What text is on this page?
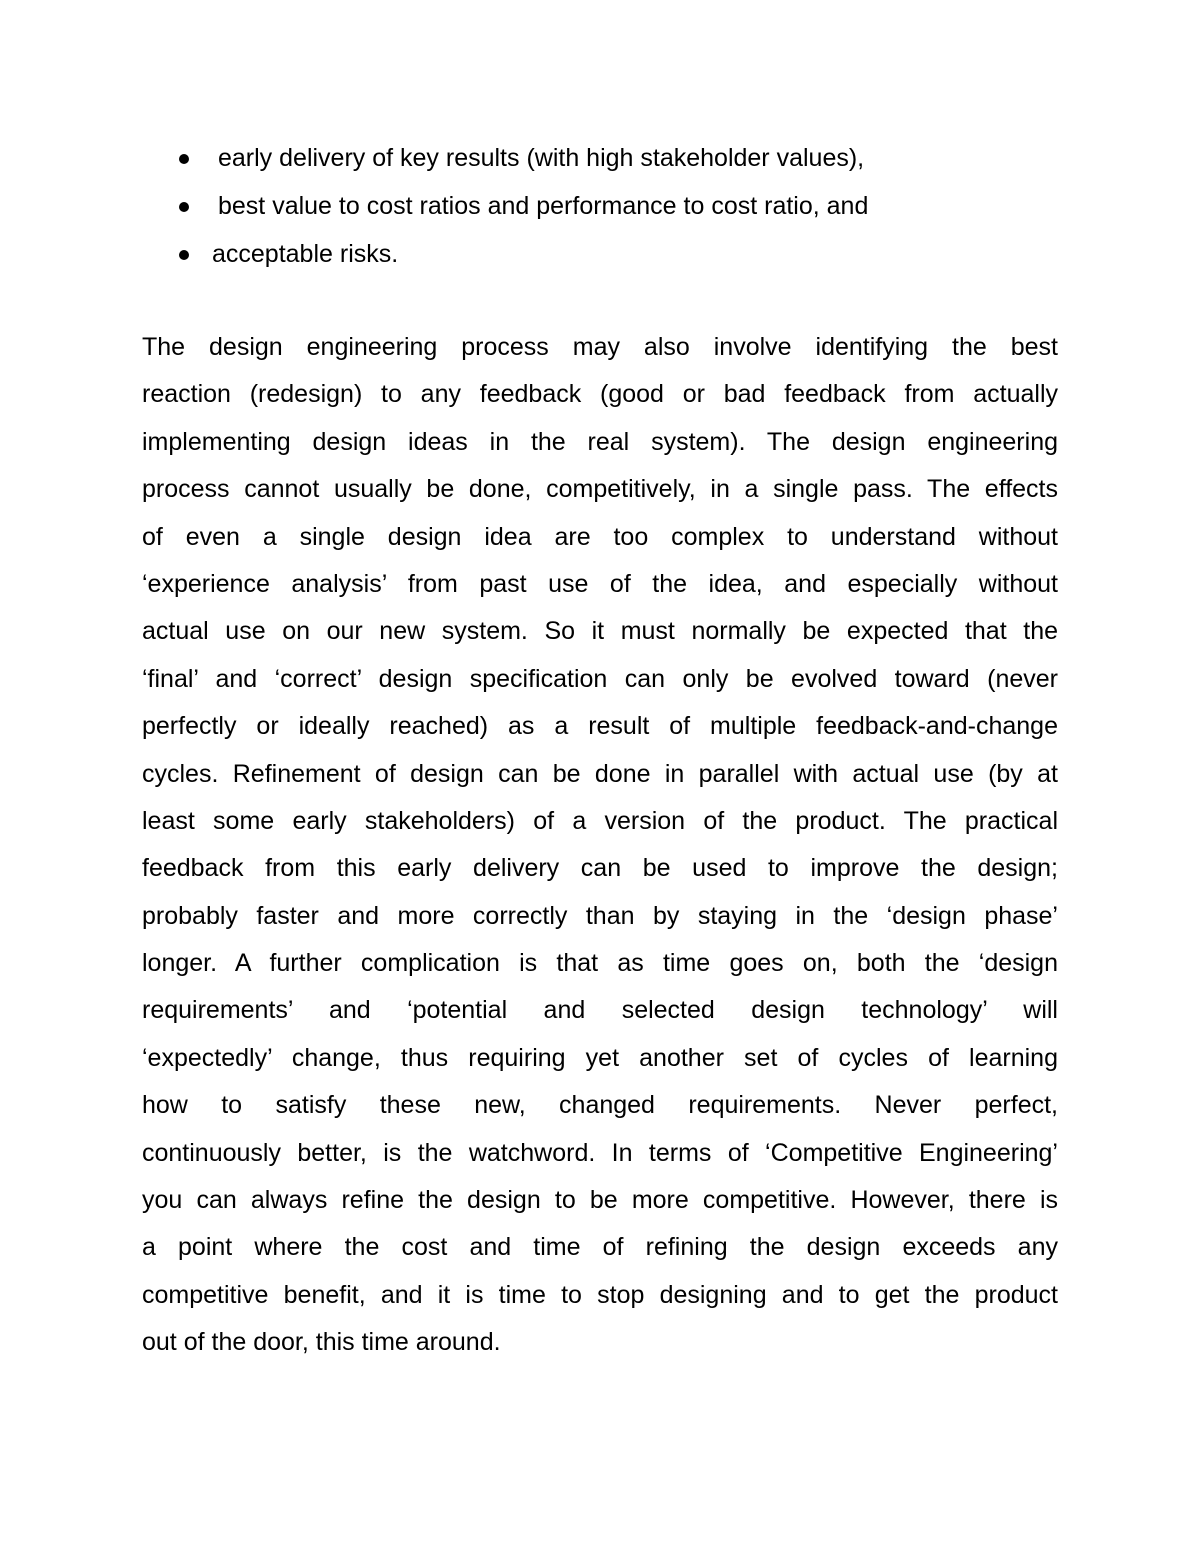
early delivery of key results (with high stakeholder values),
best value to cost ratios and performance to cost ratio, and
acceptable risks.
The design engineering process may also involve identifying the best
reaction (redesign) to any feedback (good or bad feedback from actually
implementing design ideas in the real system). The design engineering
process cannot usually be done, competitively, in a single pass. The effects
of even a single design idea are too complex to understand without
‘experience analysis’ from past use of the idea, and especially without
actual use on our new system. So it must normally be expected that the
‘final’ and ‘correct’ design specification can only be evolved toward (never
perfectly or ideally reached) as a result of multiple feedback-and-change
cycles. Refinement of design can be done in parallel with actual use (by at
least some early stakeholders) of a version of the product. The practical
feedback from this early delivery can be used to improve the design;
probably faster and more correctly than by staying in the ‘design phase’
longer. A further complication is that as time goes on, both the ‘design
requirements’ and ‘potential and selected design technology’ will
‘expectedly’ change, thus requiring yet another set of cycles of learning
how to satisfy these new, changed requirements. Never perfect,
continuously better, is the watchword. In terms of ‘Competitive Engineering’
you can always refine the design to be more competitive. However, there is
a point where the cost and time of refining the design exceeds any
competitive benefit, and it is time to stop designing and to get the product
out of the door, this time around.
